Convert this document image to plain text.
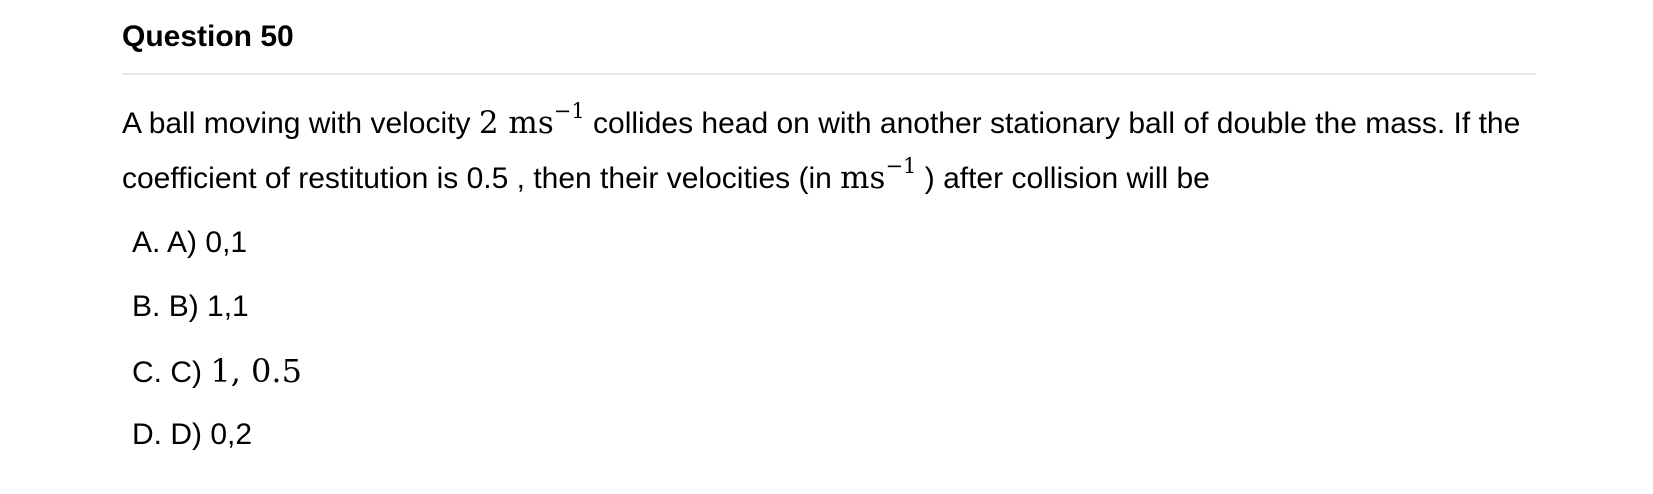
Question 50
A ball moving with velocity 2 $ms^{-1}$ collides head on with another stationary ball of double the mass. If the coefficient of restitution is 0.5 , then their velocities (in $ms^{-1}$ ) after collision will be
A. A) 0,1
B. B) 1,1
C. C) 1, 0.5
D. D) 0,2
